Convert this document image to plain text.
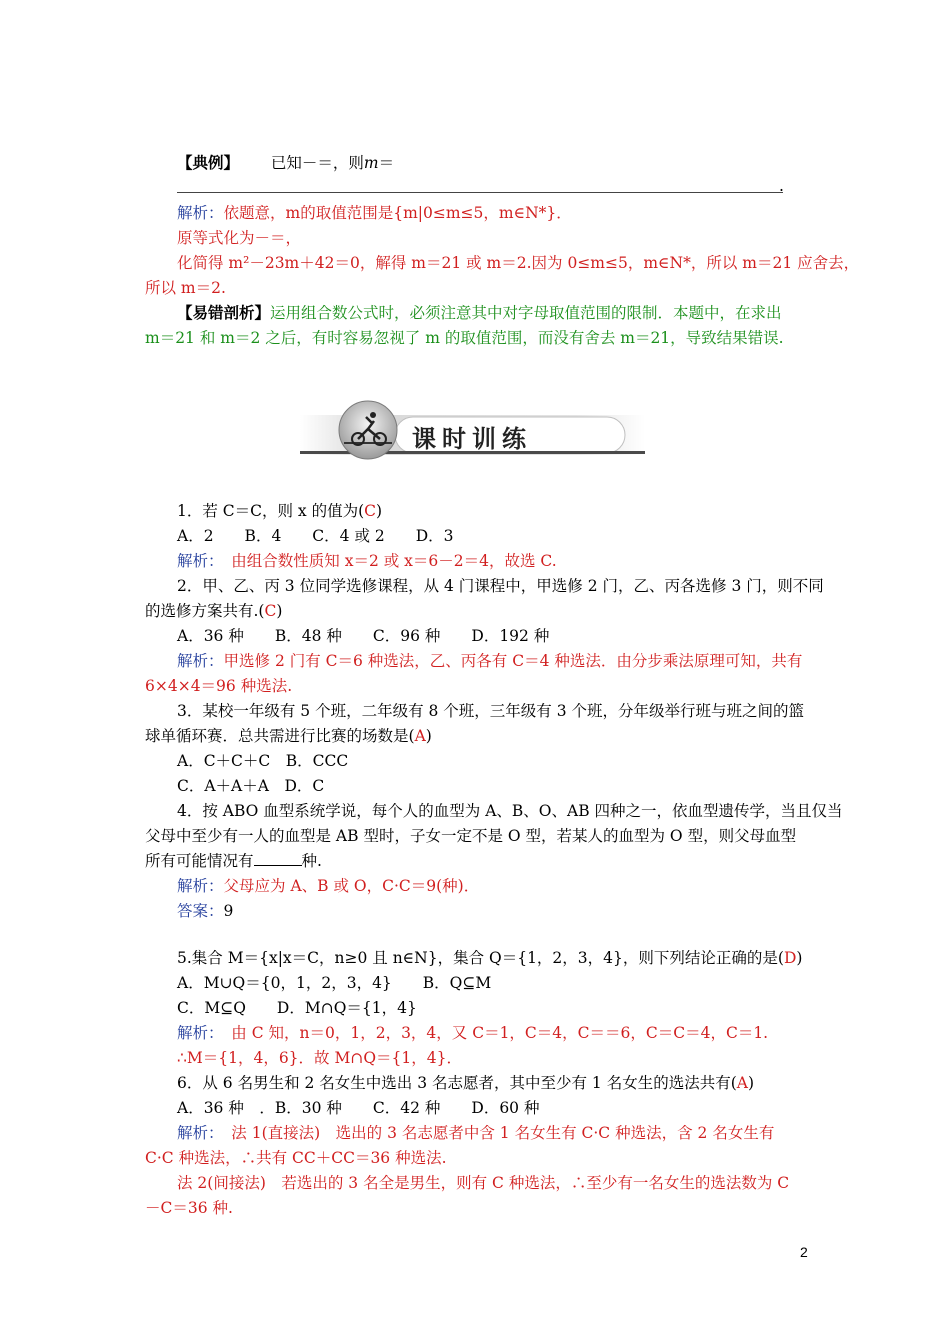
【典例】 已知－＝，则m＝
.
解析：依题意，m的取值范围是{m|0≤m≤5，m∈N*}．
原等式化为－＝，
化简得 m²－23m＋42＝0，解得 m＝21 或 m＝2.因为 0≤m≤5，m∈N*，所以 m＝21 应舍去，
所以 m＝2.
【易错剖析】运用组合数公式时，必须注意其中对字母取值范围的限制．本题中，在求出
m＝21 和 m＝2 之后，有时容易忽视了 m 的取值范围，而没有舍去 m＝21，导致结果错误.
课时训练
1．若 C＝C，则 x 的值为(C)
A．2　　B．4　　C．4 或 2　　D．3
解析：　 由组合数性质知 x＝2 或 x＝6－2＝4，故选 C.
2．甲、乙、丙 3 位同学选修课程，从 4 门课程中，甲选修 2 门，乙、丙各选修 3 门，则不同
的选修方案共有.(C)
A．36 种　　B．48 种　　C．96 种　　D．192 种
解析：甲选修 2 门有 C＝6 种选法，乙、丙各有 C＝4 种选法．由分步乘法原理可知，共有
6×4×4＝96 种选法.
3．某校一年级有 5 个班，二年级有 8 个班，三年级有 3 个班，分年级举行班与班之间的篮
球单循环赛．总共需进行比赛的场数是(A)
A．C＋C＋C　B．CCC
C．A＋A＋A　D．C
4．按 ABO 血型系统学说，每个人的血型为 A、B、O、AB 四种之一，依血型遗传学，当且仅当
父母中至少有一人的血型是 AB 型时，子女一定不是 O 型，若某人的血型为 O 型，则父母血型
所有可能情况有	种.
解析：父母应为 A、B 或 O，C·C＝9(种)．
答案：9
5.集合 M＝{x|x＝C，n≥0 且 n∈N}，集合 Q＝{1，2，3，4}，则下列结论正确的是(D)
A．M∪Q＝{0，1，2，3，4}　　B．Q⊆M
C．M⊆Q　　D．M∩Q＝{1，4}
解析：　 由 C 知，n＝0，1，2，3，4，又 C＝1，C＝4，C＝＝6，C＝C＝4，C＝1.
∴M＝{1，4，6}．故 M∩Q＝{1，4}．
6．从 6 名男生和 2 名女生中选出 3 名志愿者，其中至少有 1 名女生的选法共有(A)
A．36 种　．B．30 种　　C．42 种　　D．60 种
解析：　 法 1(直接法)　选出的 3 名志愿者中含 1 名女生有 C·C 种选法，含 2 名女生有
C·C 种选法，∴共有 CC＋CC＝36 种选法.
法 2(间接法)　若选出的 3 名全是男生，则有 C 种选法，∴至少有一名女生的选法数为 C
－C＝36 种.
2
